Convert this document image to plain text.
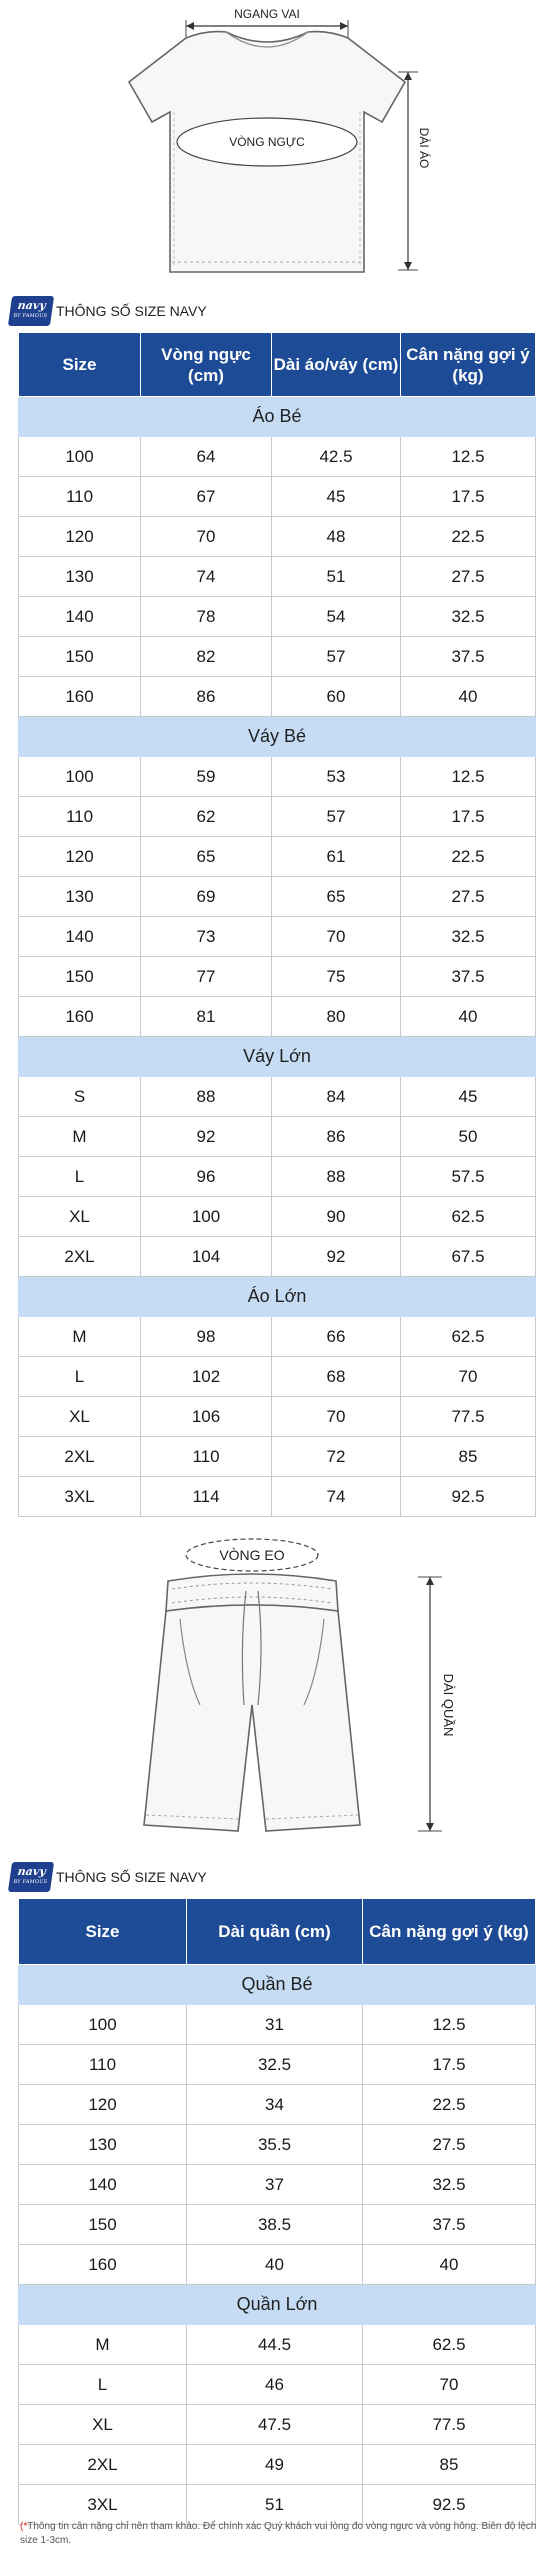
NGANG VAI
VÒNG NGỰC	DÀI ÁO
navy
BY FAMOUS THÔNG SỐ SIZE NAVY
Size	Vòng ngực (cm)	Dài áo/váy (cm)	Cân nặng gợi ý (kg)
Áo Bé			
100	64	42.5	12.5
110	67	45	17.5
120	70	48	22.5
130	74	51	27.5
140	78	54	32.5
150	82	57	37.5
160	86	60	40
Váy Bé			
100	59	53	12.5
110	62	57	17.5
120	65	61	22.5
130	69	65	27.5
140	73	70	32.5
150	77	75	37.5
160	81	80	40
Váy Lớn			
S	88	84	45
M	92	86	50
L	96	88	57.5
XL	100	90	62.5
2XL	104	92	67.5
Áo Lớn			
M	98	66	62.5
L	102	68	70
XL	106	70	77.5
2XL	110	72	85
3XL	114	74	92.5
VÒNG EO
DÀI QUẦN
navy
BY FAMOUS THÔNG SỐ SIZE NAVY
Size	Dài quần (cm)	Cân nặng gợi ý (kg)
Quần Bé		
100	31	12.5
110	32.5	17.5
120	34	22.5
130	35.5	27.5
140	37	32.5
150	38.5	37.5
160	40	40
Quần Lớn		
M	44.5	62.5
L	46	70
XL	47.5	77.5
2XL	49	85
3XL	51	92.5
(*Thông tin cân nặng chỉ nên tham khảo. Để chính xác Quý khách vui lòng đo vòng ngực và vòng hông. Biên độ lệch size 1-3cm.
